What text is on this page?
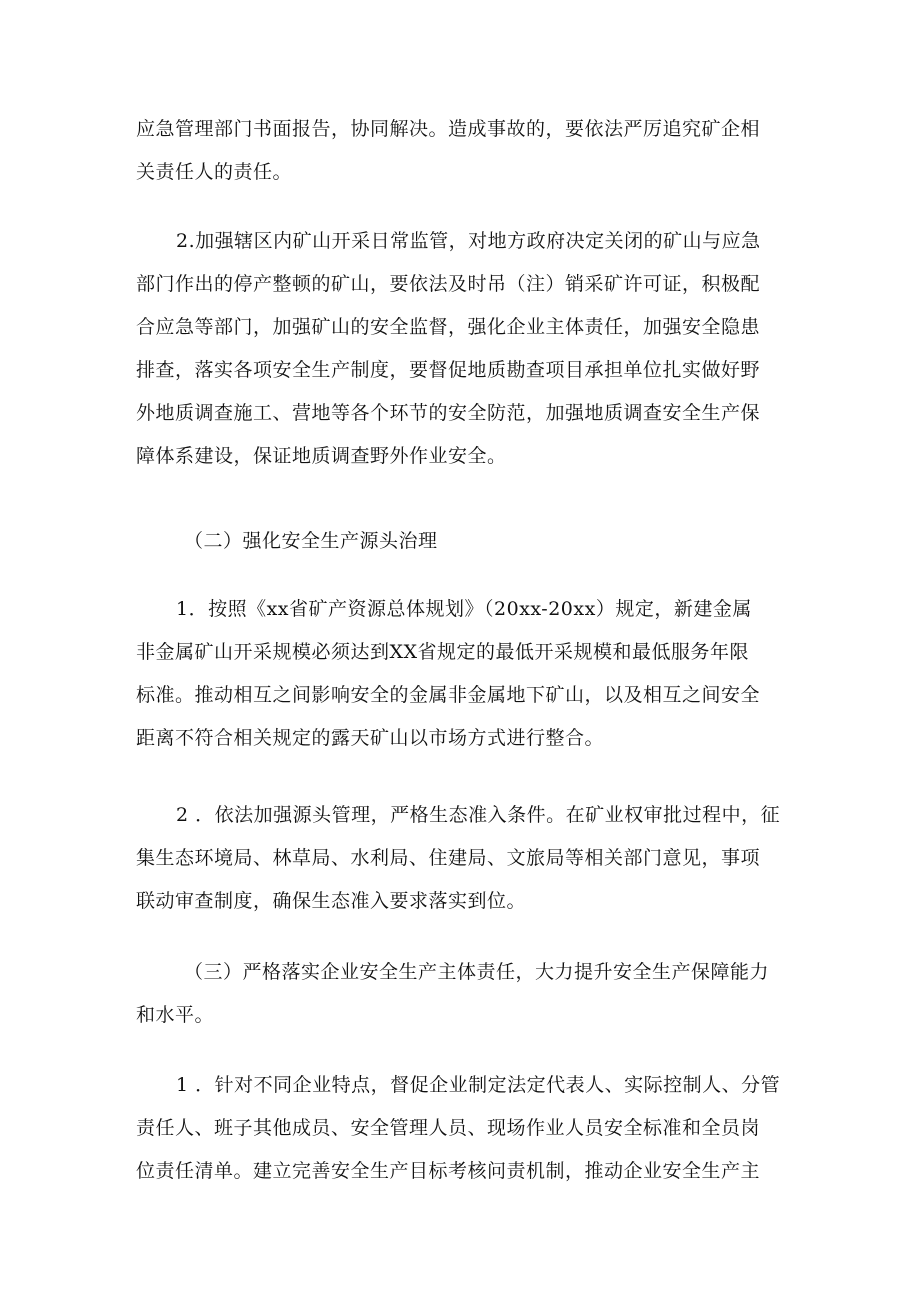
应急管理部门书面报告，协同解决。造成事故的，要依法严厉追究矿企相
关责任人的责任。
2.加强辖区内矿山开采日常监管，对地方政府决定关闭的矿山与应急
部门作出的停产整顿的矿山，要依法及时吊（注）销采矿许可证，积极配
合应急等部门，加强矿山的安全监督，强化企业主体责任，加强安全隐患
排查，落实各项安全生产制度，要督促地质勘查项目承担单位扎实做好野
外地质调查施工、营地等各个环节的安全防范，加强地质调查安全生产保
障体系建设，保证地质调查野外作业安全。
（二）强化安全生产源头治理
1．按照《xx省矿产资源总体规划》（20xx-20xx）规定，新建金属
非金属矿山开采规模必须达到XX省规定的最低开采规模和最低服务年限
标准。推动相互之间影响安全的金属非金属地下矿山，以及相互之间安全
距离不符合相关规定的露天矿山以市场方式进行整合。
2 ．依法加强源头管理，严格生态准入条件。在矿业权审批过程中，征
集生态环境局、林草局、水利局、住建局、文旅局等相关部门意见，事项
联动审查制度，确保生态准入要求落实到位。
（三）严格落实企业安全生产主体责任，大力提升安全生产保障能力
和水平。
1 ．针对不同企业特点，督促企业制定法定代表人、实际控制人、分管
责任人、班子其他成员、安全管理人员、现场作业人员安全标准和全员岗
位责任清单。建立完善安全生产目标考核问责机制，推动企业安全生产主
